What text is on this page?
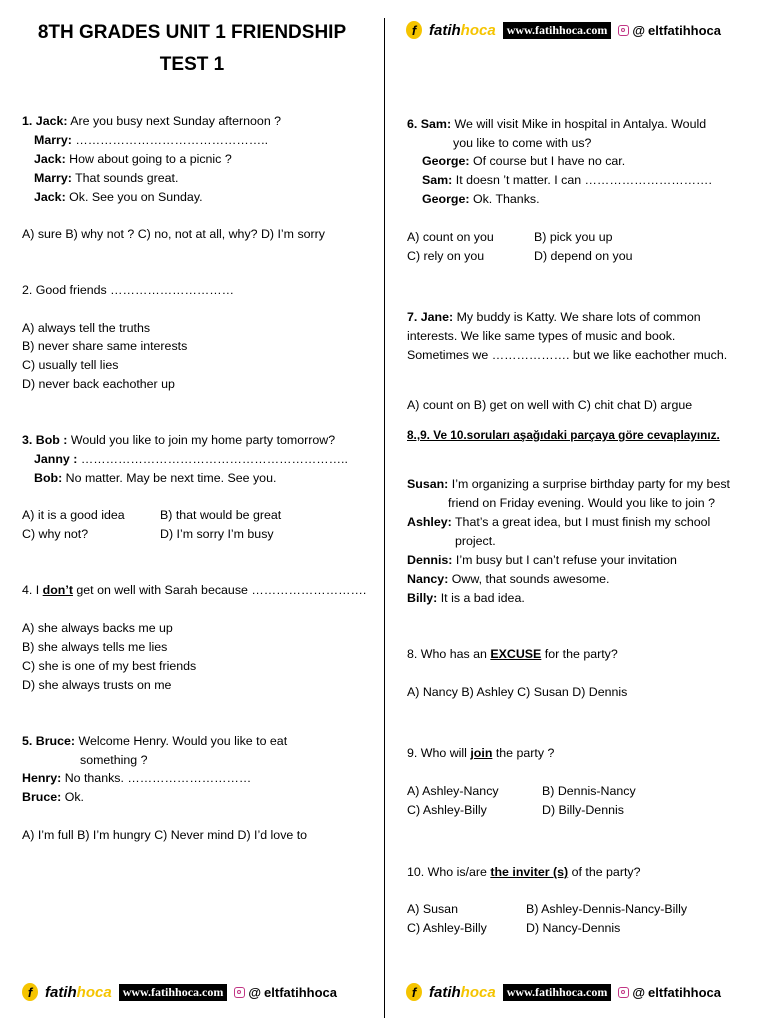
8TH GRADES UNIT 1 FRIENDSHIP
TEST 1
f fatihhoca www.fatihhoca.com	@ eltfatihhoca
f fatihhoca www.fatihhoca.com	@ eltfatihhoca	f fatihhoca www.fatihhoca.com	@ eltfatihhoca
1. Jack: Are you busy next Sunday afternoon ?
Marry: ………………………………………..
Jack: How about going to a picnic ?
Marry: That sounds great.
Jack: Ok. See you on Sunday.
A) sure B) why not ? C) no, not at all, why? D) I’m sorry
2. Good friends …………………………
A) always tell the truths
B) never share same interests
C) usually tell lies
D) never back eachother up
3. Bob : Would you like to join my home party tomorrow?
Janny : ………………………………………………………..
Bob: No matter. May be next time. See you.
A) it is a good idea	B) that would be great
C) why not?	D) I’m sorry I’m busy
4. I don’t get on well with Sarah because ……………………….
A) she always backs me up
B) she always tells me lies
C) she is one of my best friends
D) she always trusts on me
5. Bruce: Welcome Henry. Would you like to eat
something ?
Henry: No thanks. …………………………
Bruce: Ok.
A) I’m full B) I’m hungry C) Never mind D) I’d love to
6. Sam: We will visit Mike in hospital in Antalya. Would
you like to come with us?
George: Of course but I have no car.
Sam: It doesn ’t matter. I can ………………………….
George: Ok. Thanks.
A) count on you	B) pick you up
C) rely on you	D) depend on you
7. Jane: My buddy is Katty. We share lots of common
interests. We like same types of music and book.
Sometimes we ………………. but we like eachother much.
A) count on B) get on well with C) chit chat D) argue
8.,9. Ve 10.soruları aşağıdaki parçaya göre cevaplayınız.
Susan: I’m organizing a surprise birthday party for my best
friend on Friday evening. Would you like to join ?
Ashley: That’s a great idea, but I must finish my school
project.
Dennis: I’m busy but I can’t refuse your invitation
Nancy: Oww, that sounds awesome.
Billy: It is a bad idea.
8. Who has an EXCUSE for the party?
A) Nancy B) Ashley C) Susan D) Dennis
9. Who will join the party ?
A) Ashley-Nancy	B) Dennis-Nancy
C) Ashley-Billy	D) Billy-Dennis
10. Who is/are the inviter (s) of the party?
A) Susan	B) Ashley-Dennis-Nancy-Billy
C) Ashley-Billy	D) Nancy-Dennis
